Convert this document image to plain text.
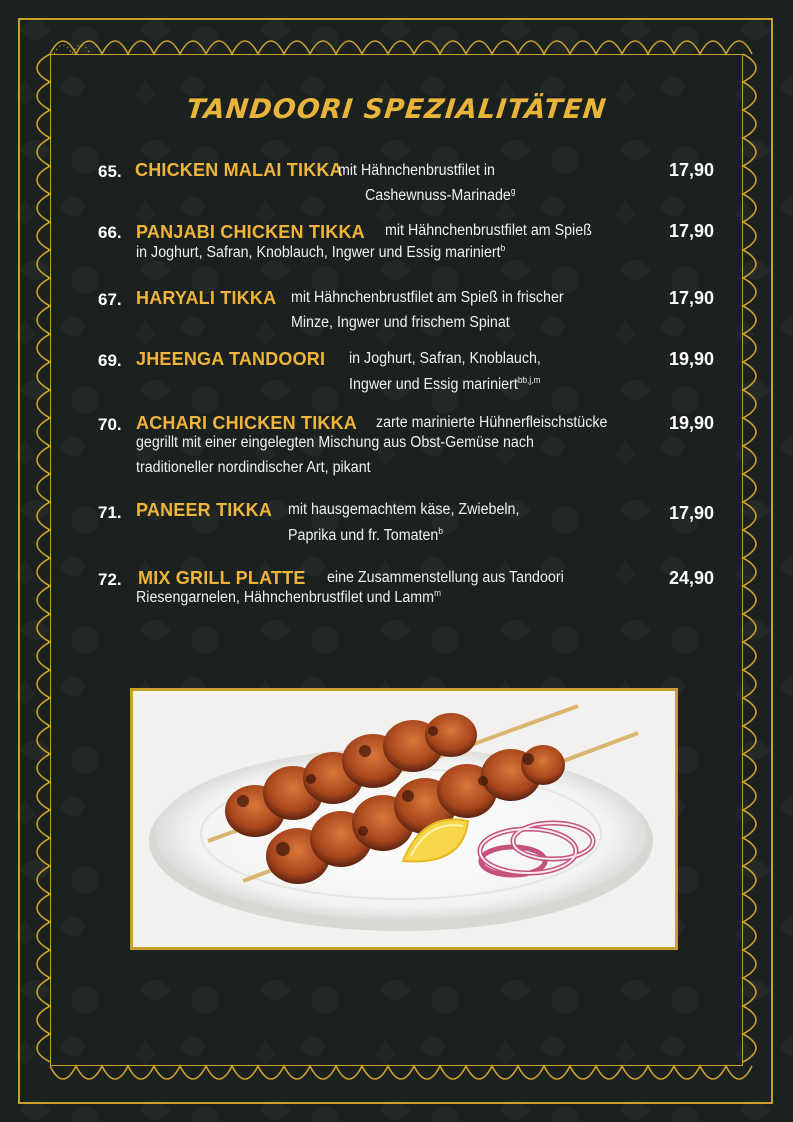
TANDOORI SPEZIALITÄTEN
65. CHICKEN MALAI TIKKA
mit Hähnchenbrustfilet in
Cashewnuss-Marinade$^g$
17,90
66. PANJABI CHICKEN TIKKA mit Hähnchenbrustfilet am Spieß
in Joghurt, Safran, Knoblauch, Ingwer und Essig mariniert$^b$
17,90
67. HARYALI TIKKA mit Hähnchenbrustfilet am Spieß in frischer
Minze, Ingwer und frischem Spinat
17,90
69. JHEENGA TANDOORI in Joghurt, Safran, Knoblauch,
Ingwer und Essig mariniert$^{bb,j,m}$
19,90
70. ACHARI CHICKEN TIKKA zarte marinierte Hühnerfleischstücke
gegrillt mit einer eingelegten Mischung aus Obst-Gemüse nach
traditioneller nordindischer Art, pikant
19,90
71. PANEER TIKKA mit hausgemachtem käse, Zwiebeln,
Paprika und fr. Tomaten$^b$
17,90
72. MIX GRILL PLATTE eine Zusammenstellung aus Tandoori
Riesengarnelen, Hähnchenbrustfilet und Lamm$^m$
24,90
